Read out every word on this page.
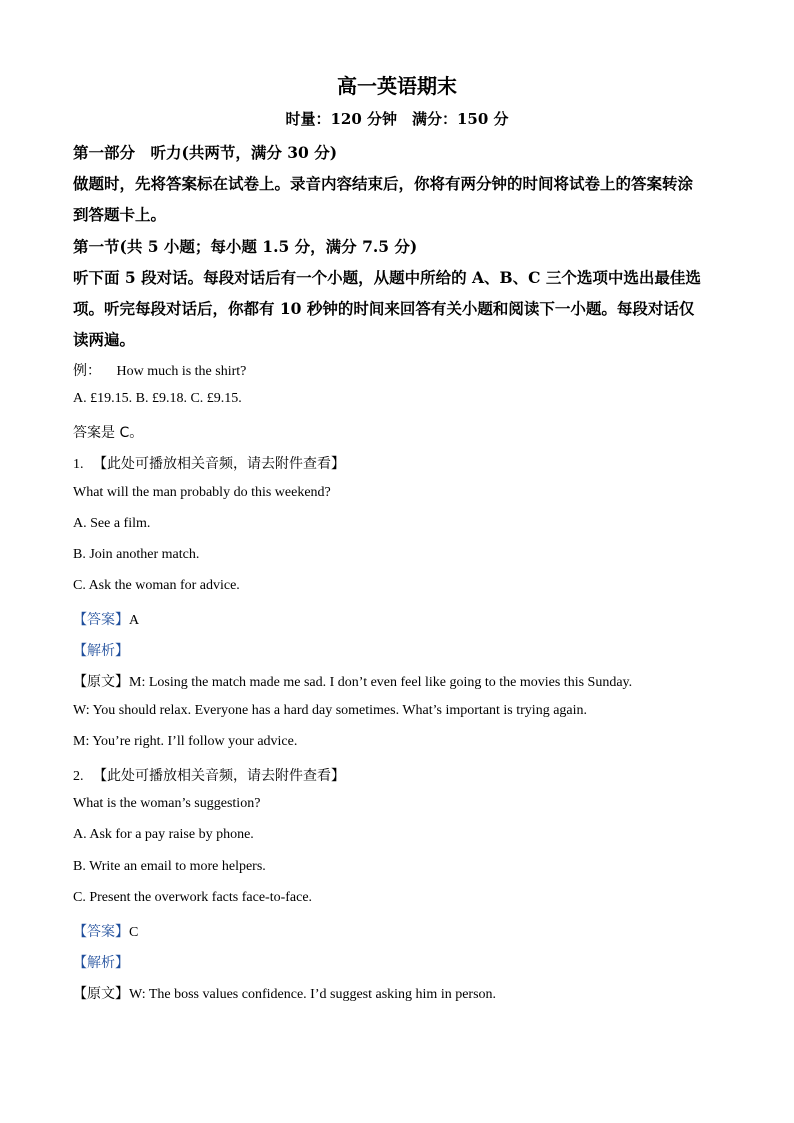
高一英语期末
时量：120 分钟　满分：150 分
第一部分　听力(共两节，满分 30 分)
做题时，先将答案标在试卷上。录音内容结束后，你将有两分钟的时间将试卷上的答案转涂
到答题卡上。
第一节(共 5 小题；每小题 1.5 分，满分 7.5 分)
听下面 5 段对话。每段对话后有一个小题，从题中所给的 A、B、C 三个选项中选出最佳选
项。听完每段对话后，你都有 10 秒钟的时间来回答有关小题和阅读下一小题。每段对话仅
读两遍。
例： How much is the shirt?
A. £19.15. B. £9.18. C. £9.15.
答案是 C。
1. 【此处可播放相关音频，请去附件查看】
What will the man probably do this weekend?
A. See a film.
B. Join another match.
C. Ask the woman for advice.
【答案】A
【解析】
【原文】M: Losing the match made me sad. I don’t even feel like going to the movies this Sunday.
W: You should relax. Everyone has a hard day sometimes. What’s important is trying again.
M: You’re right. I’ll follow your advice.
2. 【此处可播放相关音频，请去附件查看】
What is the woman’s suggestion?
A. Ask for a pay raise by phone.
B. Write an email to more helpers.
C. Present the overwork facts face-to-face.
【答案】C
【解析】
【原文】W: The boss values confidence. I’d suggest asking him in person.
